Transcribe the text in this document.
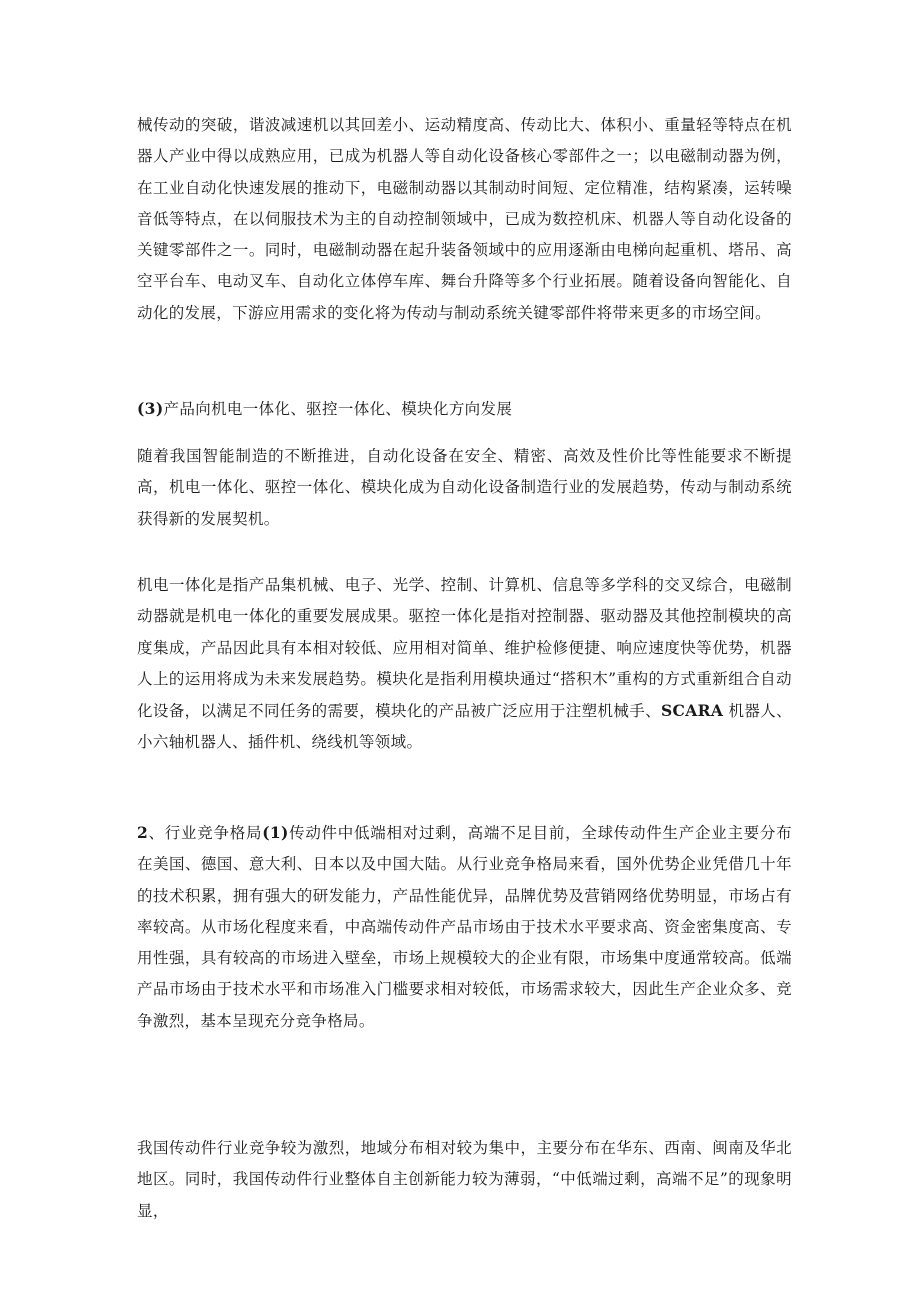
械传动的突破，谐波减速机以其回差小、运动精度高、传动比大、体积小、重量轻等特点在机器人产业中得以成熟应用，已成为机器人等自动化设备核心零部件之一；以电磁制动器为例，在工业自动化快速发展的推动下，电磁制动器以其制动时间短、定位精准，结构紧凑，运转噪音低等特点，在以伺服技术为主的自动控制领域中，已成为数控机床、机器人等自动化设备的关键零部件之一。同时，电磁制动器在起升装备领域中的应用逐渐由电梯向起重机、塔吊、高空平台车、电动叉车、自动化立体停车库、舞台升降等多个行业拓展。随着设备向智能化、自动化的发展，下游应用需求的变化将为传动与制动系统关键零部件将带来更多的市场空间。

(3)产品向机电一体化、驱控一体化、模块化方向发展

随着我国智能制造的不断推进，自动化设备在安全、精密、高效及性价比等性能要求不断提高，机电一体化、驱控一体化、模块化成为自动化设备制造行业的发展趋势，传动与制动系统获得新的发展契机。

机电一体化是指产品集机械、电子、光学、控制、计算机、信息等多学科的交叉综合，电磁制动器就是机电一体化的重要发展成果。驱控一体化是指对控制器、驱动器及其他控制模块的高度集成，产品因此具有本相对较低、应用相对简单、维护检修便捷、响应速度快等优势，机器人上的运用将成为未来发展趋势。模块化是指利用模块通过“搭积木”重构的方式重新组合自动化设备，以满足不同任务的需要，模块化的产品被广泛应用于注塑机械手、SCARA 机器人、小六轴机器人、插件机、绕线机等领域。

2、行业竞争格局(1)传动件中低端相对过剩，高端不足目前，全球传动件生产企业主要分布在美国、德国、意大利、日本以及中国大陆。从行业竞争格局来看，国外优势企业凭借几十年的技术积累，拥有强大的研发能力，产品性能优异，品牌优势及营销网络优势明显，市场占有率较高。从市场化程度来看，中高端传动件产品市场由于技术水平要求高、资金密集度高、专用性强，具有较高的市场进入壁垒，市场上规模较大的企业有限，市场集中度通常较高。低端产品市场由于技术水平和市场准入门槛要求相对较低，市场需求较大，因此生产企业众多、竞争激烈，基本呈现充分竞争格局。

我国传动件行业竞争较为激烈，地域分布相对较为集中，主要分布在华东、西南、闽南及华北地区。同时，我国传动件行业整体自主创新能力较为薄弱，“中低端过剩，高端不足”的现象明显，
